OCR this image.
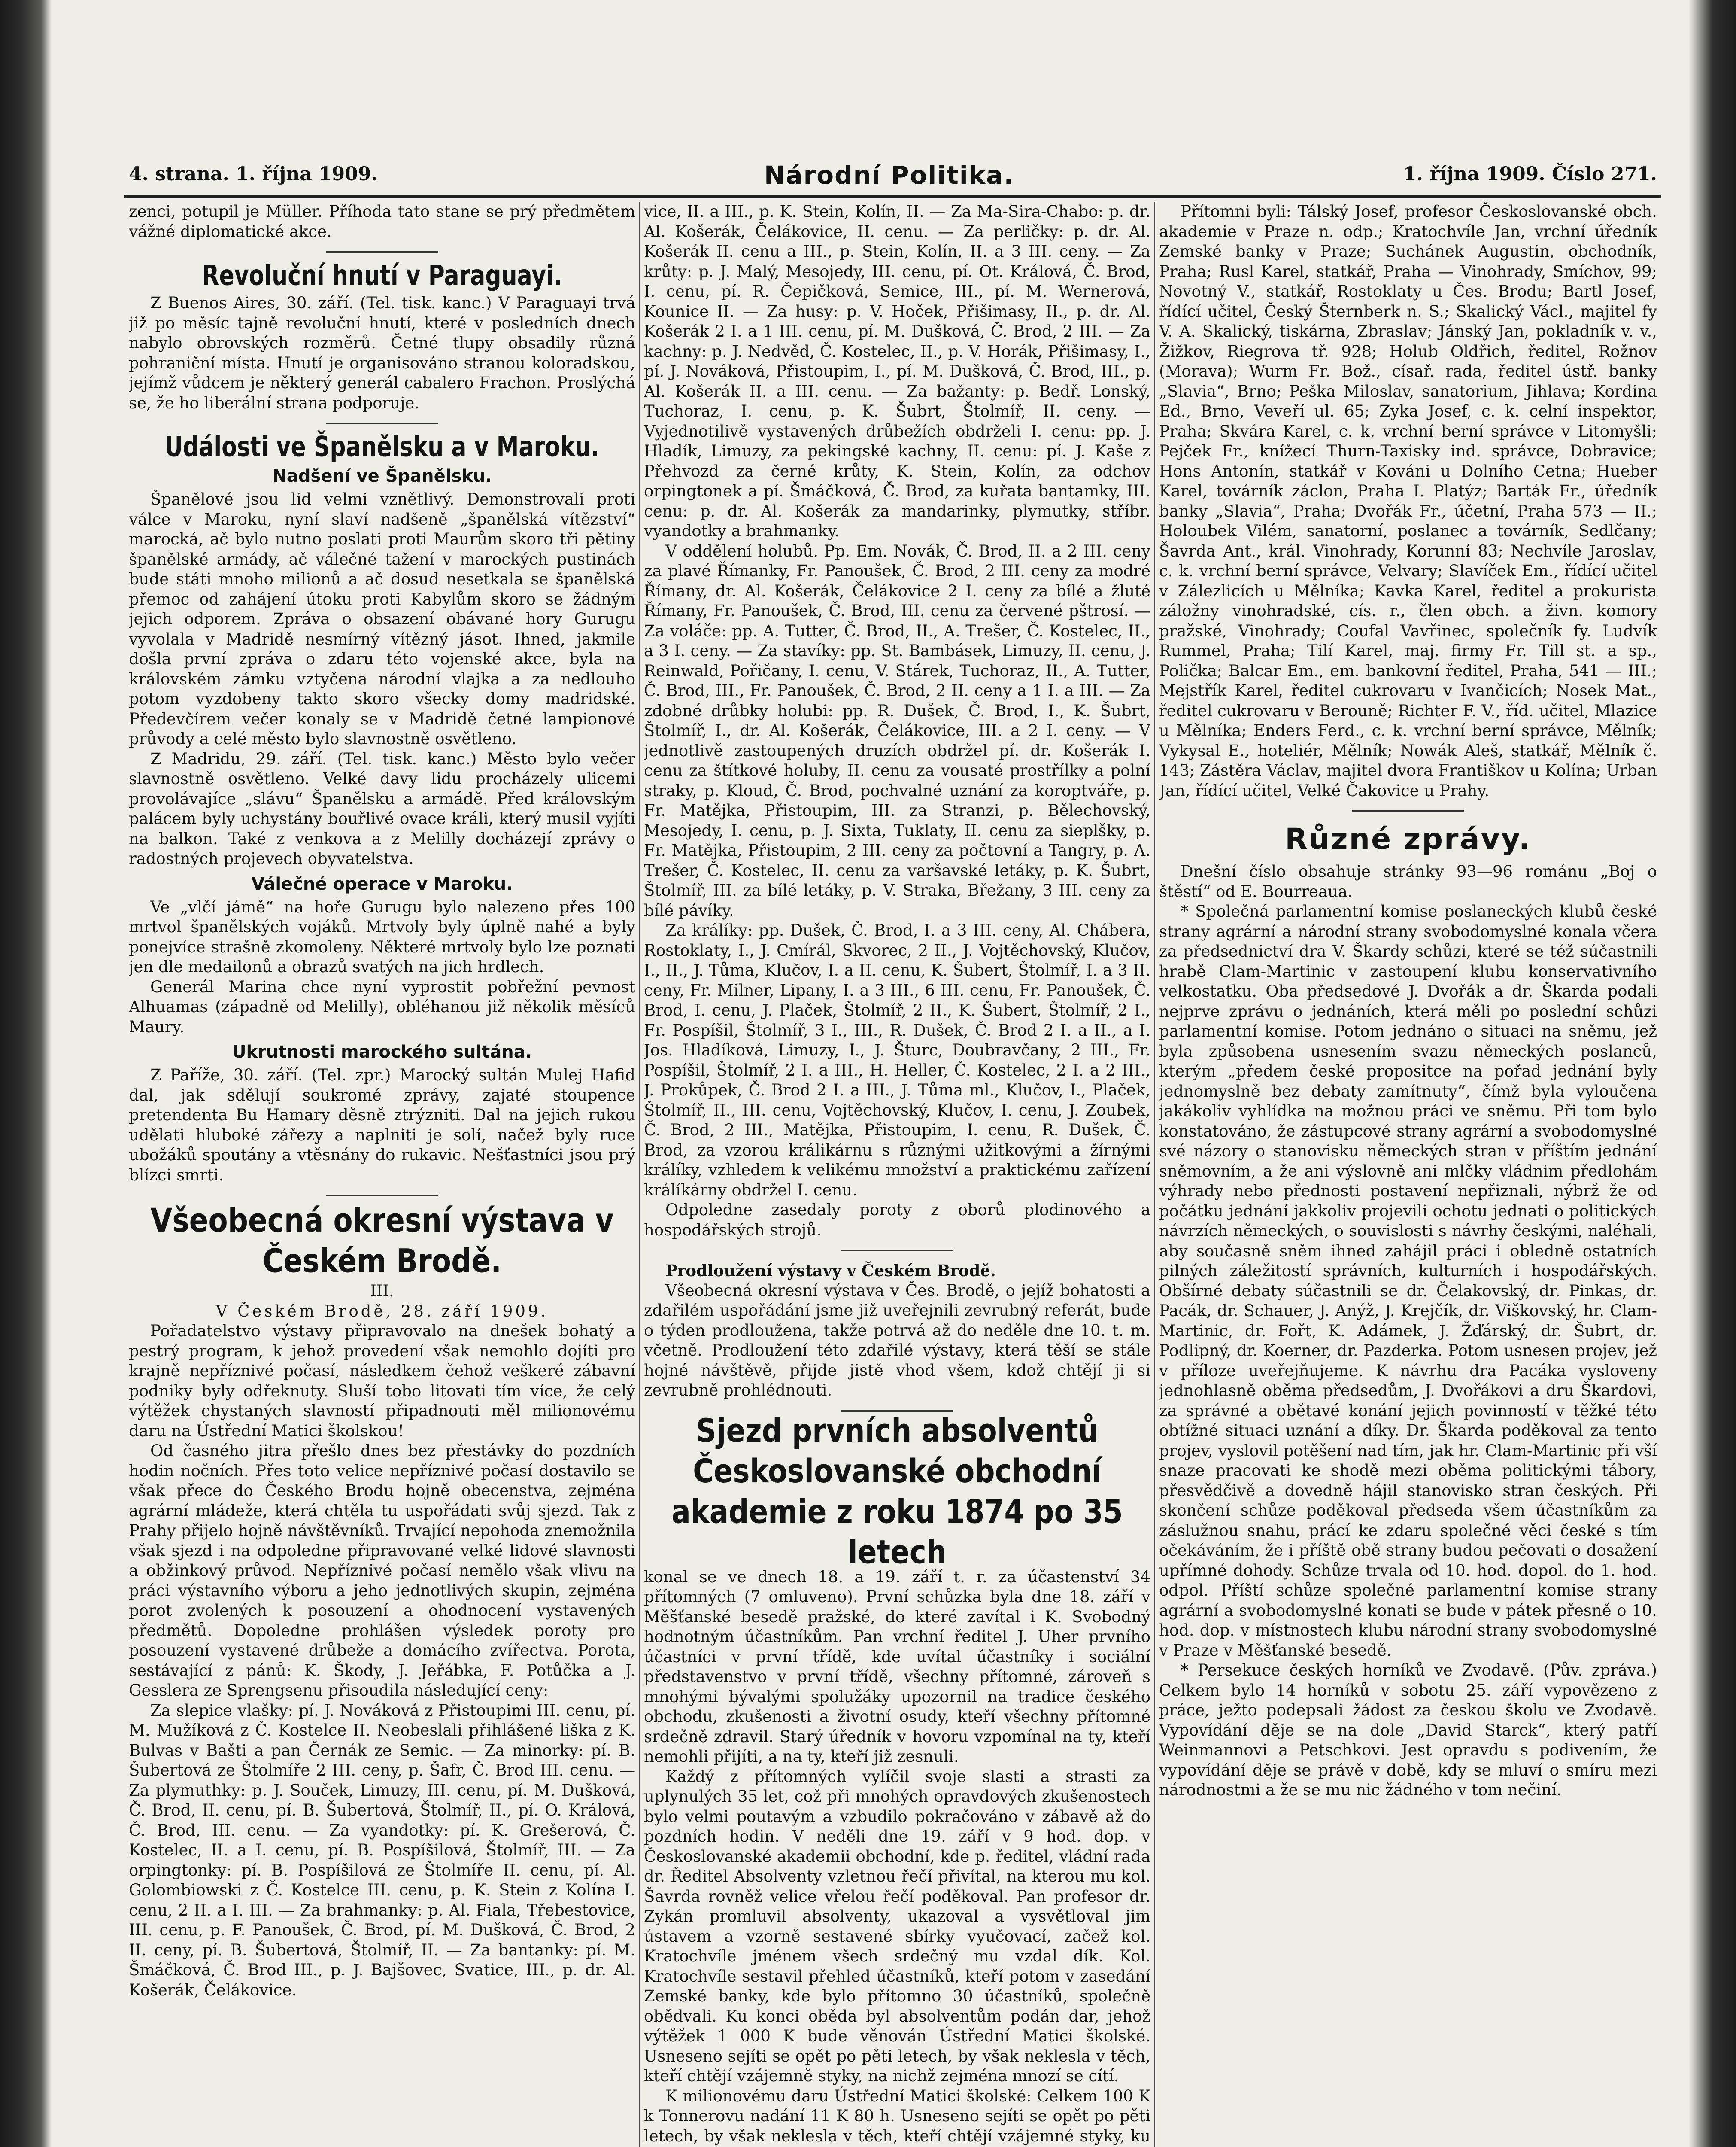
4. strana. 1. října 1909.	Národní Politika.	1. října 1909. Číslo 271.

zenci, potupil je Müller. Příhoda tato stane se prý předmětem vážné diplomatické akce.

Revoluční hnutí v Paraguayi.

Z Buenos Aires, 30. září. (Tel. tisk. kanc.) V Paraguayi trvá již po měsíc tajně revoluční hnutí, které v posledních dnech nabylo obrovských rozměrů. Četné tlupy obsadily různá pohraniční místa. Hnutí je organisováno stranou koloradskou, jejímž vůdcem je některý generál cabalero Frachon. Proslýchá se, že ho liberální strana podporuje.

Události ve Španělsku a v Maroku.
Nadšení ve Španělsku.

Španělové jsou lid velmi vznětlivý. Demonstrovali proti válce v Maroku, nyní slaví nadšeně „španělská vítězství“ marocká, ač bylo nutno poslati proti Maurům skoro tři pětiny španělské armády, ač válečné tažení v marockých pustinách bude státi mnoho milionů a ač dosud nesetkala se španělská přemoc od zahájení útoku proti Kabylům skoro se žádným jejich odporem. Zpráva o obsazení obávané hory Gurugu vyvolala v Madridě nesmírný vítězný jásot. Ihned, jakmile došla první zpráva o zdaru této vojenské akce, byla na královském zámku vztyčena národní vlajka a za nedlouho potom vyzdobeny takto skoro všecky domy madridské. Předevčírem večer konaly se v Madridě četné lampionové průvody a celé město bylo slavnostně osvětleno.

Z Madridu, 29. září. (Tel. tisk. kanc.) Město bylo večer slavnostně osvětleno. Velké davy lidu procházely ulicemi provolávajíce „slávu“ Španělsku a armádě. Před královským palácem byly uchystány bouřlivé ovace králi, který musil vyjíti na balkon. Také z venkova a z Melilly docházejí zprávy o radostných projevech obyvatelstva.

Válečné operace v Maroku.

Ve „vlčí jámě“ na hoře Gurugu bylo nalezeno přes 100 mrtvol španělských vojáků. Mrtvoly byly úplně nahé a byly ponejvíce strašně zkomoleny. Některé mrtvoly bylo lze poznati jen dle medailonů a obrazů svatých na jich hrdlech.

Generál Marina chce nyní vyprostit pobřežní pevnost Alhuamas (západně od Melilly), obléhanou již několik měsíců Maury.

Ukrutnosti marockého sultána.

Z Paříže, 30. září. (Tel. zpr.) Marocký sultán Mulej Hafid dal, jak sdělují soukromé zprávy, zajaté stoupence pretendenta Bu Hamary děsně ztrýzniti. Dal na jejich rukou udělati hluboké zářezy a naplniti je solí, načež byly ruce ubožáků spoutány a vtěsnány do rukavic. Nešťastníci jsou prý blízci smrti.

Všeobecná okresní výstava v Českém Brodě.
III.
V Českém Brodě, 28. září 1909.

Pořadatelstvo výstavy připravovalo na dnešek bohatý a pestrý program, k jehož provedení však nemohlo dojíti pro krajně nepříznivé počasí, následkem čehož veškeré zábavní podniky byly odřeknuty. Sluší tobo litovati tím více, že celý výtěžek chystaných slavností připadnouti měl milionovému daru na Ústřední Matici školskou!

Od časného jitra přešlo dnes bez přestávky do pozdních hodin nočních. Přes toto velice nepříznivé počasí dostavilo se však přece do Českého Brodu hojně obecenstva, zejména agrární mládeže, která chtěla tu uspořádati svůj sjezd. Tak z Prahy přijelo hojně návštěvníků. Trvající nepohoda znemožnila však sjezd i na odpoledne připravované velké lidové slavnosti a obžinkový průvod. Nepříznivé počasí nemělo však vlivu na práci výstavního výboru a jeho jednotlivých skupin, zejména porot zvolených k posouzení a ohodnocení vystavených předmětů. Dopoledne prohlášen výsledek poroty pro posouzení vystavené drůbeže a domácího zvířectva. Porota, sestávající z pánů: K. Škody, J. Jeřábka, F. Potůčka a J. Gesslera ze Sprengsenu přisoudila následující ceny:

Za slepice vlašky: pí. J. Nováková z Přistoupimi III. cenu, pí. M. Mužíková z Č. Kostelce II. Neobeslali přihlášené liška z K. Bulvas v Bašti a pan Černák ze Semic. — Za minorky: pí. B. Šubertová ze Štolmíře 2 III. ceny, p. Šafr, Č. Brod III. cenu. — Za plymuthky: p. J. Souček, Limuzy, III. cenu, pí. M. Dušková, Č. Brod, II. cenu, pí. B. Šubertová, Štolmíř, II., pí. O. Králová, Č. Brod, III. cenu. — Za vyandotky: pí. K. Grešerová, Č. Kostelec, II. a I. cenu, pí. B. Pospíšilová, Štolmíř, III. — Za orpingtonky: pí. B. Pospíšilová ze Štolmíře II. cenu, pí. Al. Golombiowski z Č. Kostelce III. cenu, p. K. Stein z Kolína I. cenu, 2 II. a I. III. — Za brahmanky: p. Al. Fiala, Třebestovice, III. cenu, p. F. Panoušek, Č. Brod, pí. M. Dušková, Č. Brod, 2 II. ceny, pí. B. Šubertová, Štolmíř, II. — Za bantanky: pí. M. Šmáčková, Č. Brod III., p. J. Bajšovec, Svatice, III., p. dr. Al. Košerák, Čelákovice.

vice, II. a III., p. K. Stein, Kolín, II. — Za Ma-Sira-Chabo: p. dr. Al. Košerák, Čelákovice, II. cenu. — Za perličky: p. dr. Al. Košerák II. cenu a III., p. Stein, Kolín, II. a 3 III. ceny. — Za krůty: p. J. Malý, Mesojedy, III. cenu, pí. Ot. Králová, Č. Brod, I. cenu, pí. R. Čepičková, Semice, III., pí. M. Wernerová, Kounice II. — Za husy: p. V. Hoček, Přišimasy, II., p. dr. Al. Košerák 2 I. a 1 III. cenu, pí. M. Dušková, Č. Brod, 2 III. — Za kachny: p. J. Nedvěd, Č. Kostelec, II., p. V. Horák, Přišimasy, I., pí. J. Nováková, Přistoupim, I., pí. M. Dušková, Č. Brod, III., p. Al. Košerák II. a III. cenu. — Za bažanty: p. Bedř. Lonský, Tuchoraz, I. cenu, p. K. Šubrt, Štolmíř, II. ceny. — Vyjednotilivě vystavených drůbežích obdrželi I. cenu: pp. J. Hladík, Limuzy, za pekingské kachny, II. cenu: pí. J. Kaše z Přehvozd za černé krůty, K. Stein, Kolín, za odchov orpingtonek a pí. Šmáčková, Č. Brod, za kuřata bantamky, III. cenu: p. dr. Al. Košerák za mandarinky, plymutky, stříbr. vyandotky a brahmanky.

V oddělení holubů. Pp. Em. Novák, Č. Brod, II. a 2 III. ceny za plavé Římanky, Fr. Panoušek, Č. Brod, 2 III. ceny za modré Římany, dr. Al. Košerák, Čelákovice 2 I. ceny za bílé a žluté Římany, Fr. Panoušek, Č. Brod, III. cenu za červené pštrosí. — Za voláče: pp. A. Tutter, Č. Brod, II., A. Trešer, Č. Kostelec, II., a 3 I. ceny. — Za stavíky: pp. St. Bambásek, Limuzy, II. cenu, J. Reinwald, Pořičany, I. cenu, V. Stárek, Tuchoraz, II., A. Tutter, Č. Brod, III., Fr. Panoušek, Č. Brod, 2 II. ceny a 1 I. a III. — Za zdobné drůbky holubi: pp. R. Dušek, Č. Brod, I., K. Šubrt, Štolmíř, I., dr. Al. Košerák, Čelákovice, III. a 2 I. ceny. — V jednotlivě zastoupených druzích obdržel pí. dr. Košerák I. cenu za štítkové holuby, II. cenu za vousaté prostřílky a polní straky, p. Kloud, Č. Brod, pochvalné uznání za koroptváře, p. Fr. Matějka, Přistoupim, III. za Stranzi, p. Bělechovský, Mesojedy, I. cenu, p. J. Sixta, Tuklaty, II. cenu za sieplšky, p. Fr. Matějka, Přistoupim, 2 III. ceny za počtovní a Tangry, p. A. Trešer, Č. Kostelec, II. cenu za varšavské letáky, p. K. Šubrt, Štolmíř, III. za bílé letáky, p. V. Straka, Břežany, 3 III. ceny za bílé pávíky.

Za králíky: pp. Dušek, Č. Brod, I. a 3 III. ceny, Al. Chábera, Rostoklaty, I., J. Cmírál, Skvorec, 2 II., J. Vojtěchovský, Klučov, I., II., J. Tůma, Klučov, I. a II. cenu, K. Šubert, Štolmíř, I. a 3 II. ceny, Fr. Milner, Lipany, I. a 3 III., 6 III. cenu, Fr. Panoušek, Č. Brod, I. cenu, J. Plaček, Štolmíř, 2 II., K. Šubert, Štolmíř, 2 I., Fr. Pospíšil, Štolmíř, 3 I., III., R. Dušek, Č. Brod 2 I. a II., a I. Jos. Hladíková, Limuzy, I., J. Šturc, Doubravčany, 2 III., Fr. Pospíšil, Štolmíř, 2 I. a III., H. Heller, Č. Kostelec, 2 I. a 2 III., J. Prokůpek, Č. Brod 2 I. a III., J. Tůma ml., Klučov, I., Plaček, Štolmíř, II., III. cenu, Vojtěchovský, Klučov, I. cenu, J. Zoubek, Č. Brod, 2 III., Matějka, Přistoupim, I. cenu, R. Dušek, Č. Brod, za vzorou králikárnu s různými užitkovými a žírnými králíky, vzhledem k velikému množství a praktickému zařízení králíkárny obdržel I. cenu.

Odpoledne zasedaly poroty z oborů plodinového a hospodářských strojů.

Prodloužení výstavy v Českém Brodě.

Všeobecná okresní výstava v Čes. Brodě, o jejíž bohatosti a zdařilém uspořádání jsme již uveřejnili zevrubný referát, bude o týden prodloužena, takže potrvá až do neděle dne 10. t. m. včetně. Prodloužení této zdařilé výstavy, která těší se stále hojné návštěvě, přijde jistě vhod všem, kdož chtějí ji si zevrubně prohlédnouti.

Sjezd prvních absolventů Českoslovanské obchodní akademie z roku 1874 po 35 letech

konal se ve dnech 18. a 19. září t. r. za účastenství 34 přítomných (7 omluveno). První schůzka byla dne 18. září v Měšťanské besedě pražské, do které zavítal i K. Svobodný hodnotným účastníkům. Pan vrchní ředitel J. Uher prvního účastníci v první třídě, kde uvítal účastníky i sociální představenstvo v první třídě, všechny přítomné, zároveň s mnohými bývalými spolužáky upozornil na tradice českého obchodu, zkušenosti a životní osudy, kteří všechny přítomné srdečně zdravil. Starý úředník v hovoru vzpomínal na ty, kteří nemohli přijíti, a na ty, kteří již zesnuli.

Každý z přítomných vylíčil svoje slasti a strasti za uplynulých 35 let, což při mnohých opravdových zkušenostech bylo velmi poutavým a vzbudilo pokračováno v zábavě až do pozdních hodin. V neděli dne 19. září v 9 hod. dop. v Českoslovanské akademii obchodní, kde p. ředitel, vládní rada dr. Ředitel Absolventy vzletnou řečí přivítal, na kterou mu kol. Šavrda rovněž velice vřelou řečí poděkoval. Pan profesor dr. Zykán promluvil absolventy, ukazoval a vysvětloval jim ústavem a vzorně sestavené sbírky vyučovací, začež kol. Kratochvíle jménem všech srdečný mu vzdal dík. Kol. Kratochvíle sestavil přehled účastníků, kteří potom v zasedání Zemské banky, kde bylo přítomno 30 účastníků, společně obědvali. Ku konci oběda byl absolventům podán dar, jehož výtěžek 1 000 K bude věnován Ústřední Matici školské. Usneseno sejíti se opět po pěti letech, by však neklesla v těch, kteří chtějí vzájemně styky, na nichž zejména mnozí se cítí.

K milionovému daru Ústřední Matici školské: Celkem 100 K k Tonnerovu nadání 11 K 80 h. Usneseno sejíti se opět po pěti letech, by však neklesla v těch, kteří chtějí vzájemné styky, ku

Přítomni byli: Tálský Josef, profesor Českoslovanské obch. akademie v Praze n. odp.; Kratochvíle Jan, vrchní úředník Zemské banky v Praze; Suchánek Augustin, obchodník, Praha; Rusl Karel, statkář, Praha — Vinohrady, Smíchov, 99; Novotný V., statkář, Rostoklaty u Čes. Brodu; Bartl Josef, řídící učitel, Český Šternberk n. S.; Skalický Václ., majitel fy V. A. Skalický, tiskárna, Zbraslav; Jánský Jan, pokladník v. v., Žižkov, Riegrova tř. 928; Holub Oldřich, ředitel, Rožnov (Morava); Wurm Fr. Bož., císař. rada, ředitel ústř. banky „Slavia“, Brno; Peška Miloslav, sanatorium, Jihlava; Kordina Ed., Brno, Veveří ul. 65; Zyka Josef, c. k. celní inspektor, Praha; Skvára Karel, c. k. vrchní berní správce v Litomyšli; Pejček Fr., knížecí Thurn-Taxisky ind. správce, Dobravice; Hons Antonín, statkář v Kováni u Dolního Cetna; Hueber Karel, továrník záclon, Praha I. Platýz; Barták Fr., úředník banky „Slavia“, Praha; Dvořák Fr., účetní, Praha 573 — II.; Holoubek Vilém, sanatorní, poslanec a továrník, Sedlčany; Šavrda Ant., král. Vinohrady, Korunní 83; Nechvíle Jaroslav, c. k. vrchní berní správce, Velvary; Slavíček Em., řídící učitel v Zálezlicích u Mělníka; Kavka Karel, ředitel a prokurista záložny vinohradské, cís. r., člen obch. a živn. komory pražské, Vinohrady; Coufal Vavřinec, společník fy. Ludvík Rummel, Praha; Tilí Karel, maj. firmy Fr. Till st. a sp., Polička; Balcar Em., em. bankovní ředitel, Praha, 541 — III.; Mejstřík Karel, ředitel cukrovaru v Ivančicích; Nosek Mat., ředitel cukrovaru v Berouně; Richter F. V., říd. učitel, Mlazice u Mělníka; Enders Ferd., c. k. vrchní berní správce, Mělník; Vykysal E., hoteliér, Mělník; Nowák Aleš, statkář, Mělník č. 143; Zástěra Václav, majitel dvora Františkov u Kolína; Urban Jan, řídící učitel, Velké Čakovice u Prahy.

Různé zprávy.

Dnešní číslo obsahuje stránky 93—96 románu „Boj o štěstí“ od E. Bourreaua.

* Společná parlamentní komise poslaneckých klubů české strany agrární a národní strany svobodomyslné konala včera za předsednictví dra V. Škardy schůzi, které se též súčastnili hrabě Clam-Martinic v zastoupení klubu konservativního velkostatku. Oba předsedové J. Dvořák a dr. Škarda podali nejprve zprávu o jednáních, která měli po poslední schůzi parlamentní komise. Potom jednáno o situaci na sněmu, jež byla způsobena usnesením svazu německých poslanců, kterým „předem české propositce na pořad jednání byly jednomyslně bez debaty zamítnuty“, čímž byla vyloučena jakákoliv vyhlídka na možnou práci ve sněmu. Při tom bylo konstatováno, že zástupcové strany agrární a svobodomyslné své názory o stanovisku německých stran v příštím jednání sněmovním, a že ani výslovně ani mlčky vládnim předlohám výhrady nebo přednosti postavení nepřiznali, nýbrž že od počátku jednání jakkoliv projevili ochotu jednati o politických návrzích německých, o souvislosti s návrhy českými, naléhali, aby současně sněm ihned zahájil práci i obledně ostatních pilných záležitostí správních, kulturních i hospodářských. Obšírné debaty súčastnili se dr. Čelakovský, dr. Pinkas, dr. Pacák, dr. Schauer, J. Anýž, J. Krejčík, dr. Viškovský, hr. Clam-Martinic, dr. Fořt, K. Adámek, J. Žďárský, dr. Šubrt, dr. Podlipný, dr. Koerner, dr. Pazderka. Potom usnesen projev, jež v příloze uveřejňujeme. K návrhu dra Pacáka vysloveny jednohlasně oběma předsedům, J. Dvořákovi a dru Škardovi, za správné a obětavé konání jejich povinností v těžké této obtížné situaci uznání a díky. Dr. Škarda poděkoval za tento projev, vyslovil potěšení nad tím, jak hr. Clam-Martinic při vší snaze pracovati ke shodě mezi oběma politickými tábory, přesvědčivě a dovedně hájil stanovisko stran českých. Při skončení schůze poděkoval předseda všem účastníkům za záslužnou snahu, prácí ke zdaru společné věci české s tím očekáváním, že i příště obě strany budou pečovati o dosažení upřímné dohody. Schůze trvala od 10. hod. dopol. do 1. hod. odpol. Příští schůze společné parlamentní komise strany agrární a svobodomyslné konati se bude v pátek přesně o 10. hod. dop. v místnostech klubu národní strany svobodomyslné v Praze v Měšťanské besedě.

* Persekuce českých horníků ve Zvodavě. (Pův. zpráva.) Celkem bylo 14 horníků v sobotu 25. září vypovězeno z práce, ježto podepsali žádost za českou školu ve Zvodavě. Vypovídání děje se na dole „David Starck“, který patří Weinmannovi a Petschkovi. Jest opravdu s podivením, že vypovídání děje se právě v době, kdy se mluví o smíru mezi národnostmi a že se mu nic žádného v tom nečiní.
